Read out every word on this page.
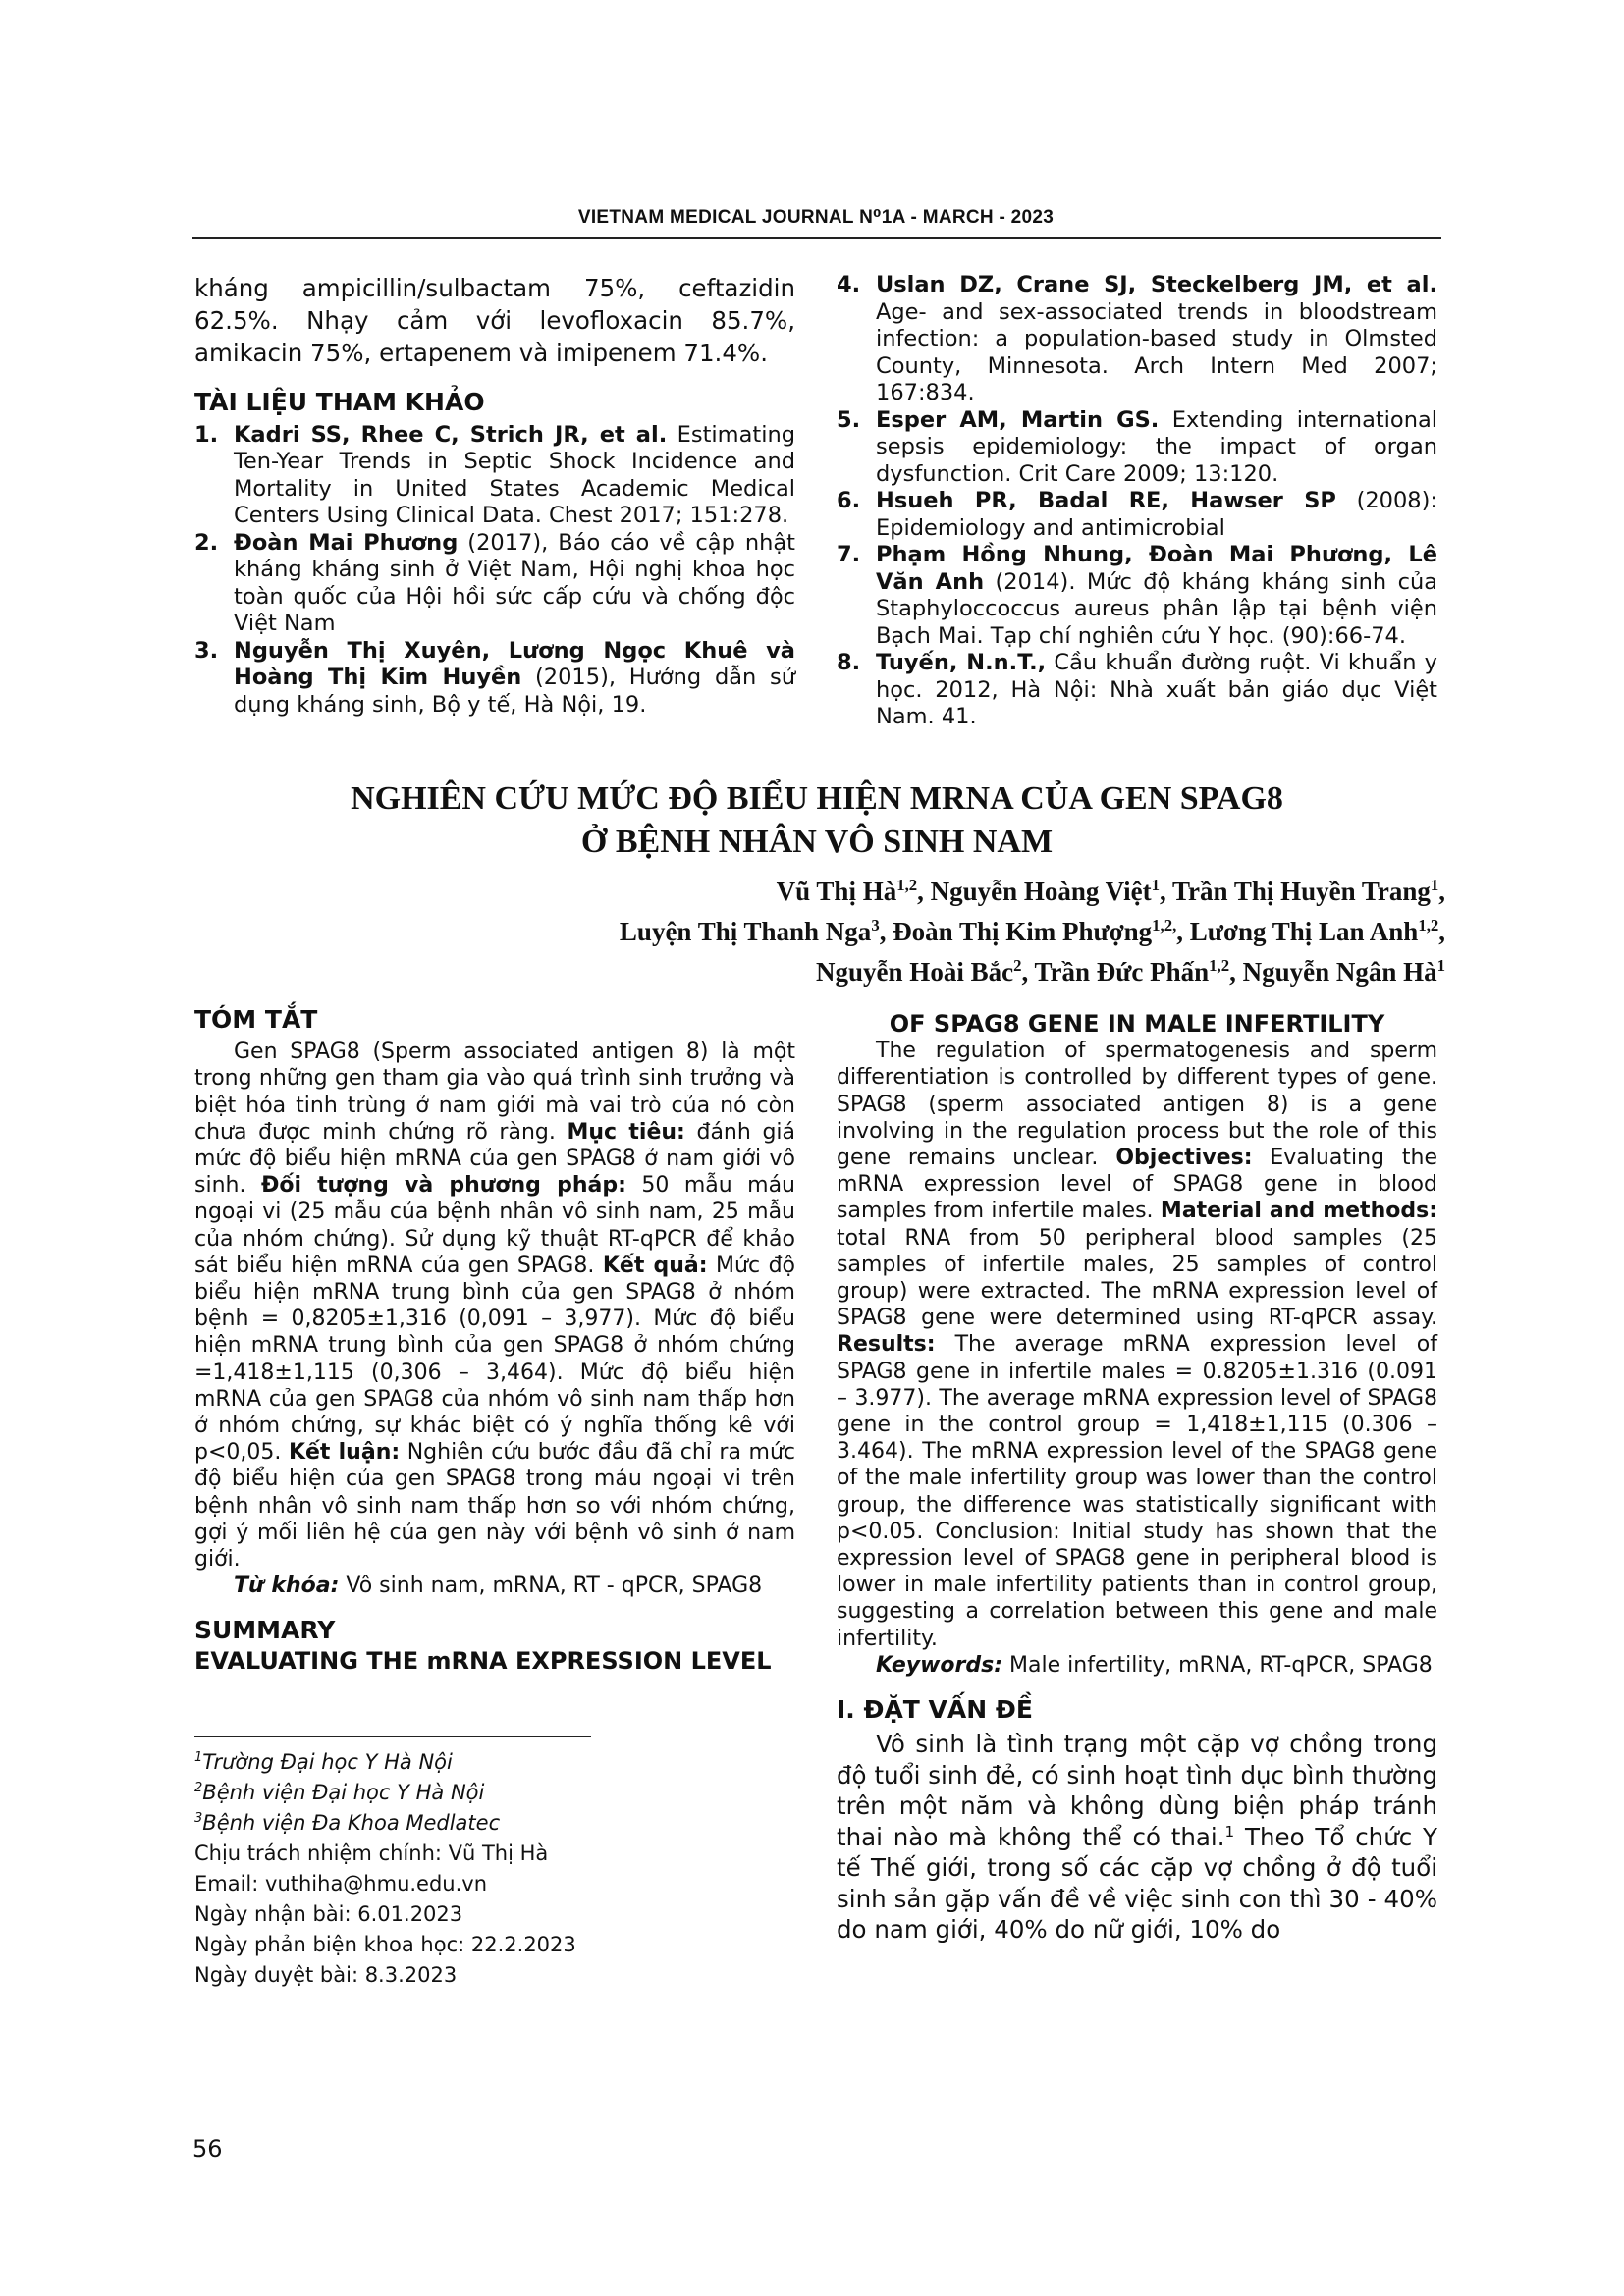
VIETNAM MEDICAL JOURNAL N⁰1A - MARCH - 2023

kháng ampicillin/sulbactam 75%, ceftazidin 62.5%. Nhạy cảm với levofloxacin 85.7%, amikacin 75%, ertapenem và imipenem 71.4%.

TÀI LIỆU THAM KHẢO
1. Kadri SS, Rhee C, Strich JR, et al. Estimating Ten-Year Trends in Septic Shock Incidence and Mortality in United States Academic Medical Centers Using Clinical Data. Chest 2017; 151:278.
2. Đoàn Mai Phương (2017), Báo cáo về cập nhật kháng kháng sinh ở Việt Nam, Hội nghị khoa học toàn quốc của Hội hồi sức cấp cứu và chống độc Việt Nam
3. Nguyễn Thị Xuyên, Lương Ngọc Khuê và Hoàng Thị Kim Huyền (2015), Hướng dẫn sử dụng kháng sinh, Bộ y tế, Hà Nội, 19.
4. Uslan DZ, Crane SJ, Steckelberg JM, et al. Age- and sex-associated trends in bloodstream infection: a population-based study in Olmsted County, Minnesota. Arch Intern Med 2007; 167:834.
5. Esper AM, Martin GS. Extending international sepsis epidemiology: the impact of organ dysfunction. Crit Care 2009; 13:120.
6. Hsueh PR, Badal RE, Hawser SP (2008): Epidemiology and antimicrobial
7. Phạm Hồng Nhung, Đoàn Mai Phương, Lê Văn Anh (2014). Mức độ kháng kháng sinh của Staphyloccoccus aureus phân lập tại bệnh viện Bạch Mai. Tạp chí nghiên cứu Y học. (90):66-74.
8. Tuyến, N.n.T., Cầu khuẩn đường ruột. Vi khuẩn y học. 2012, Hà Nội: Nhà xuất bản giáo dục Việt Nam. 41.
NGHIÊN CỨU MỨC ĐỘ BIỂU HIỆN MRNA CỦA GEN SPAG8
Ở BỆNH NHÂN VÔ SINH NAM
Vũ Thị Hà$^{1,2}$, Nguyễn Hoàng Việt$^1$, Trần Thị Huyền Trang$^1$,
Luyện Thị Thanh Nga$^3$, Đoàn Thị Kim Phượng$^{1,2,}$, Lương Thị Lan Anh$^{1,2}$,
Nguyễn Hoài Bắc$^2$, Trần Đức Phấn$^{1,2}$, Nguyễn Ngân $Hà^1$
TÓM TẮT

Gen SPAG8 (Sperm associated antigen 8) là một trong những gen tham gia vào quá trình sinh trưởng và biệt hóa tinh trùng ở nam giới mà vai trò của nó còn chưa được minh chứng rõ ràng. Mục tiêu: đánh giá mức độ biểu hiện mRNA của gen SPAG8 ở nam giới vô sinh. Đối tượng và phương pháp: 50 mẫu máu ngoại vi (25 mẫu của bệnh nhân vô sinh nam, 25 mẫu của nhóm chứng). Sử dụng kỹ thuật RT-qPCR để khảo sát biểu hiện mRNA của gen SPAG8. Kết quả: Mức độ biểu hiện mRNA trung bình của gen SPAG8 ở nhóm bệnh = 0,8205±1,316 (0,091 – 3,977). Mức độ biểu hiện mRNA trung bình của gen SPAG8 ở nhóm chứng =1,418±1,115 (0,306 – 3,464). Mức độ biểu hiện mRNA của gen SPAG8 của nhóm vô sinh nam thấp hơn ở nhóm chứng, sự khác biệt có ý nghĩa thống kê với p<0,05. Kết luận: Nghiên cứu bước đầu đã chỉ ra mức độ biểu hiện của gen SPAG8 trong máu ngoại vi trên bệnh nhân vô sinh nam thấp hơn so với nhóm chứng, gợi ý mối liên hệ của gen này với bệnh vô sinh ở nam giới.

Từ khóa: Vô sinh nam, mRNA, RT - qPCR, SPAG8

SUMMARY
EVALUATING THE mRNA EXPRESSION LEVEL
OF SPAG8 GENE IN MALE INFERTILITY

The regulation of spermatogenesis and sperm differentiation is controlled by different types of gene. SPAG8 (sperm associated antigen 8) is a gene involving in the regulation process but the role of this gene remains unclear. Objectives: Evaluating the mRNA expression level of SPAG8 gene in blood samples from infertile males. Material and methods: total RNA from 50 peripheral blood samples (25 samples of infertile males, 25 samples of control group) were extracted. The mRNA expression level of SPAG8 gene were determined using RT-qPCR assay. Results: The average mRNA expression level of SPAG8 gene in infertile males = 0.8205±1.316 (0.091 – 3.977). The average mRNA expression level of SPAG8 gene in the control group = 1,418±1,115 (0.306 – 3.464). The mRNA expression level of the SPAG8 gene of the male infertility group was lower than the control group, the difference was statistically significant with p<0.05. Conclusion: Initial study has shown that the expression level of SPAG8 gene in peripheral blood is lower in male infertility patients than in control group, suggesting a correlation between this gene and male infertility.

Keywords: Male infertility, mRNA, RT-qPCR, SPAG8

I. ĐẶT VẤN ĐỀ

Vô sinh là tình trạng một cặp vợ chồng trong độ tuổi sinh đẻ, có sinh hoạt tình dục bình thường trên một năm và không dùng biện pháp tránh thai nào mà không thể có thai.$^1$ Theo Tổ chức Y tế Thế giới, trong số các cặp vợ chồng ở độ tuổi sinh sản gặp vấn đề về việc sinh con thì 30 - 40% do nam giới, 40% do nữ giới, 10% do

$^1$Trường Đại học Y Hà Nội
$^2$Bệnh viện Đại học Y Hà Nội
$^3$Bệnh viện Đa Khoa Medlatec
Chịu trách nhiệm chính: Vũ Thị Hà
Email: vuthiha@hmu.edu.vn
Ngày nhận bài: 6.01.2023
Ngày phản biện khoa học: 22.2.2023
Ngày duyệt bài: 8.3.2023
56
